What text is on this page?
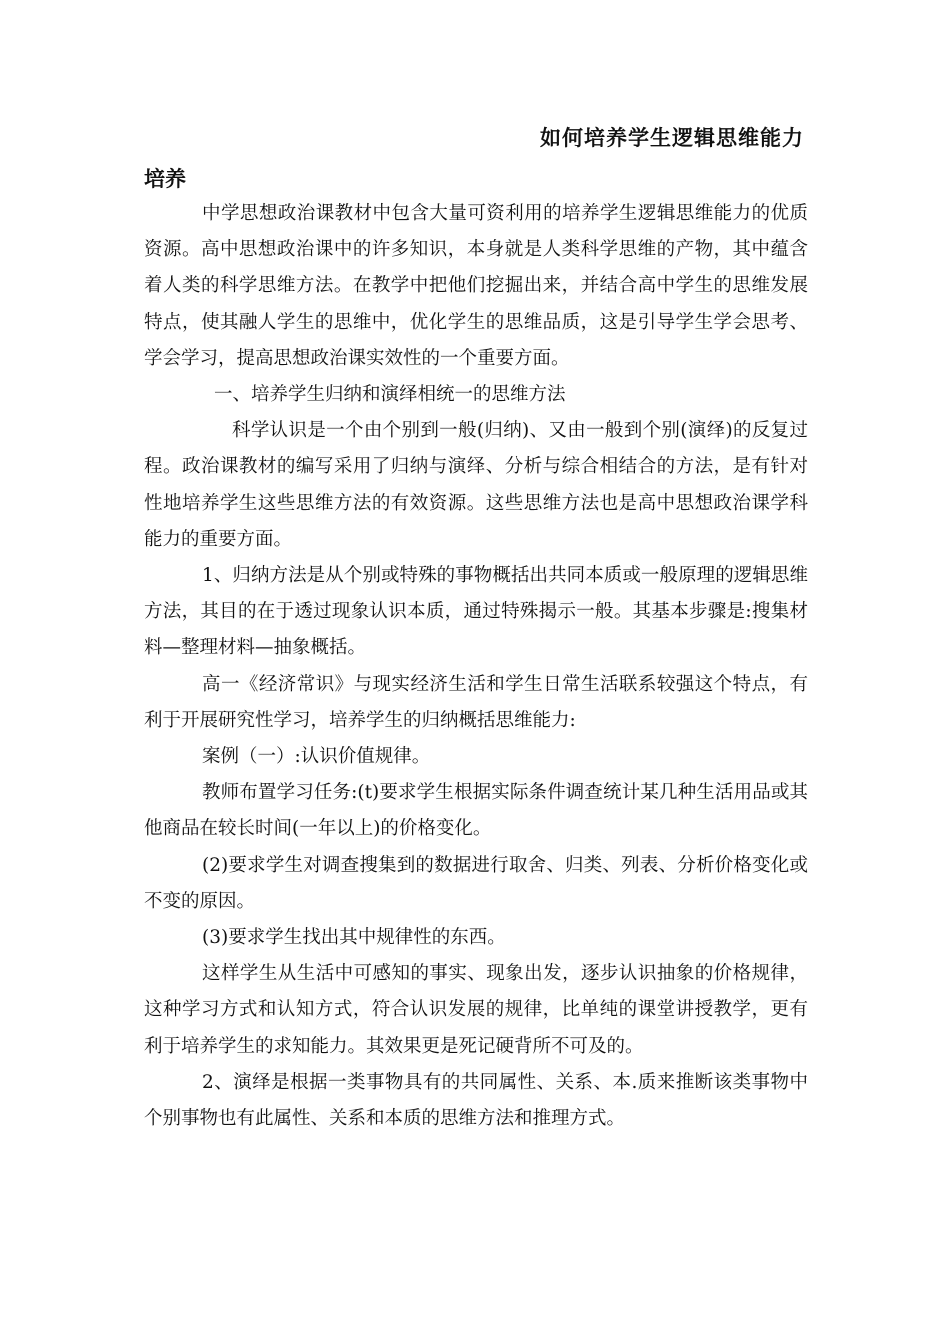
如何培养学生逻辑思维能力
培养

中学思想政治课教材中包含大量可资利用的培养学生逻辑思维能力的优质资源。高中思想政治课中的许多知识，本身就是人类科学思维的产物，其中蕴含着人类的科学思维方法。在教学中把他们挖掘出来，并结合高中学生的思维发展特点，使其融人学生的思维中，优化学生的思维品质，这是引导学生学会思考、学会学习，提高思想政治课实效性的一个重要方面。

一、培养学生归纳和演绎相统一的思维方法

科学认识是一个由个别到一般(归纳)、又由一般到个别(演绎)的反复过程。政治课教材的编写采用了归纳与演绎、分析与综合相结合的方法，是有针对性地培养学生这些思维方法的有效资源。这些思维方法也是高中思想政治课学科能力的重要方面。

1、归纳方法是从个别或特殊的事物概括出共同本质或一般原理的逻辑思维方法，其目的在于透过现象认识本质，通过特殊揭示一般。其基本步骤是:搜集材料—整理材料—抽象概括。

高一《经济常识》与现实经济生活和学生日常生活联系较强这个特点，有利于开展研究性学习，培养学生的归纳概括思维能力:

案例（一）:认识价值规律。

教师布置学习任务:(t)要求学生根据实际条件调查统计某几种生活用品或其他商品在较长时间(一年以上)的价格变化。

(2)要求学生对调查搜集到的数据进行取舍、归类、列表、分析价格变化或不变的原因。

(3)要求学生找出其中规律性的东西。

这样学生从生活中可感知的事实、现象出发，逐步认识抽象的价格规律，这种学习方式和认知方式，符合认识发展的规律，比单纯的课堂讲授教学，更有利于培养学生的求知能力。其效果更是死记硬背所不可及的。

2、演绎是根据一类事物具有的共同属性、关系、本.质来推断该类事物中个别事物也有此属性、关系和本质的思维方法和推理方式。
